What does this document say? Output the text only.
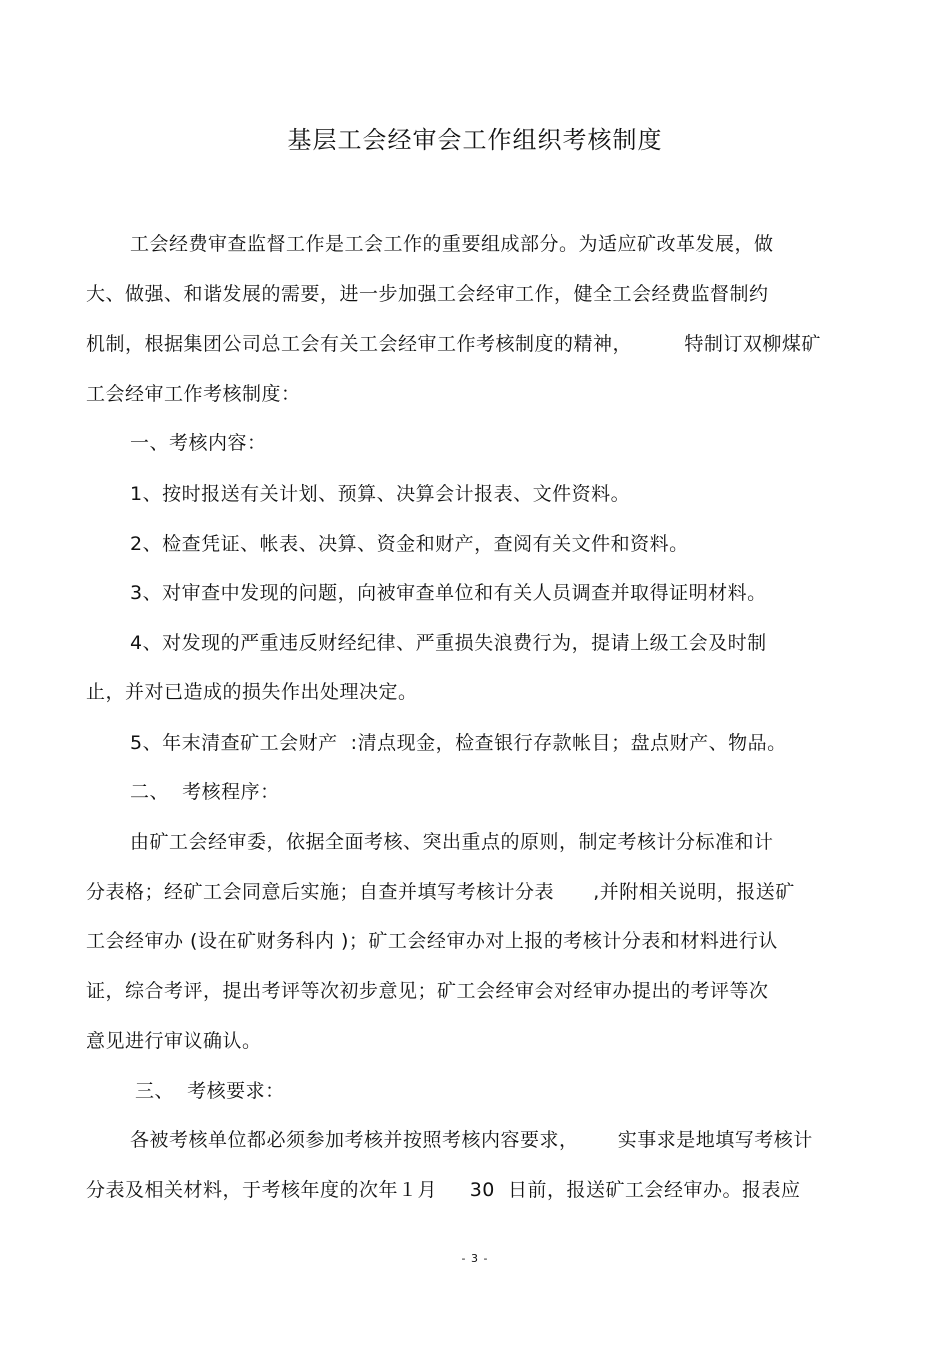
基层工会经审会工作组织考核制度
工会经费审查监督工作是工会工作的重要组成部分。为适应矿改革发展，做
大、做强、和谐发展的需要，进一步加强工会经审工作，健全工会经费监督制约
机制，根据集团公司总工会有关工会经审工作考核制度的精神，        特制订双柳煤矿
工会经审工作考核制度：
一、考核内容：
1、按时报送有关计划、预算、决算会计报表、文件资料。
2、检查凭证、帐表、决算、资金和财产，查阅有关文件和资料。
3、对审查中发现的问题，向被审查单位和有关人员调查并取得证明材料。
4、对发现的严重违反财经纪律、严重损失浪费行为，提请上级工会及时制
止，并对已造成的损失作出处理决定。
5、年末清查矿工会财产  :清点现金，检查银行存款帐目；盘点财产、物品。
二、  考核程序：
由矿工会经审委，依据全面考核、突出重点的原则，制定考核计分标准和计
分表格；经矿工会同意后实施；自查并填写考核计分表      ,并附相关说明，报送矿
工会经审办 (设在矿财务科内 )；矿工会经审办对上报的考核计分表和材料进行认
证，综合考评，提出考评等次初步意见；矿工会经审会对经审办提出的考评等次
意见进行审议确认。
三、  考核要求：
各被考核单位都必须参加考核并按照考核内容要求，      实事求是地填写考核计
分表及相关材料，于考核年度的次年１月     30  日前，报送矿工会经审办。报表应
- 3 -
